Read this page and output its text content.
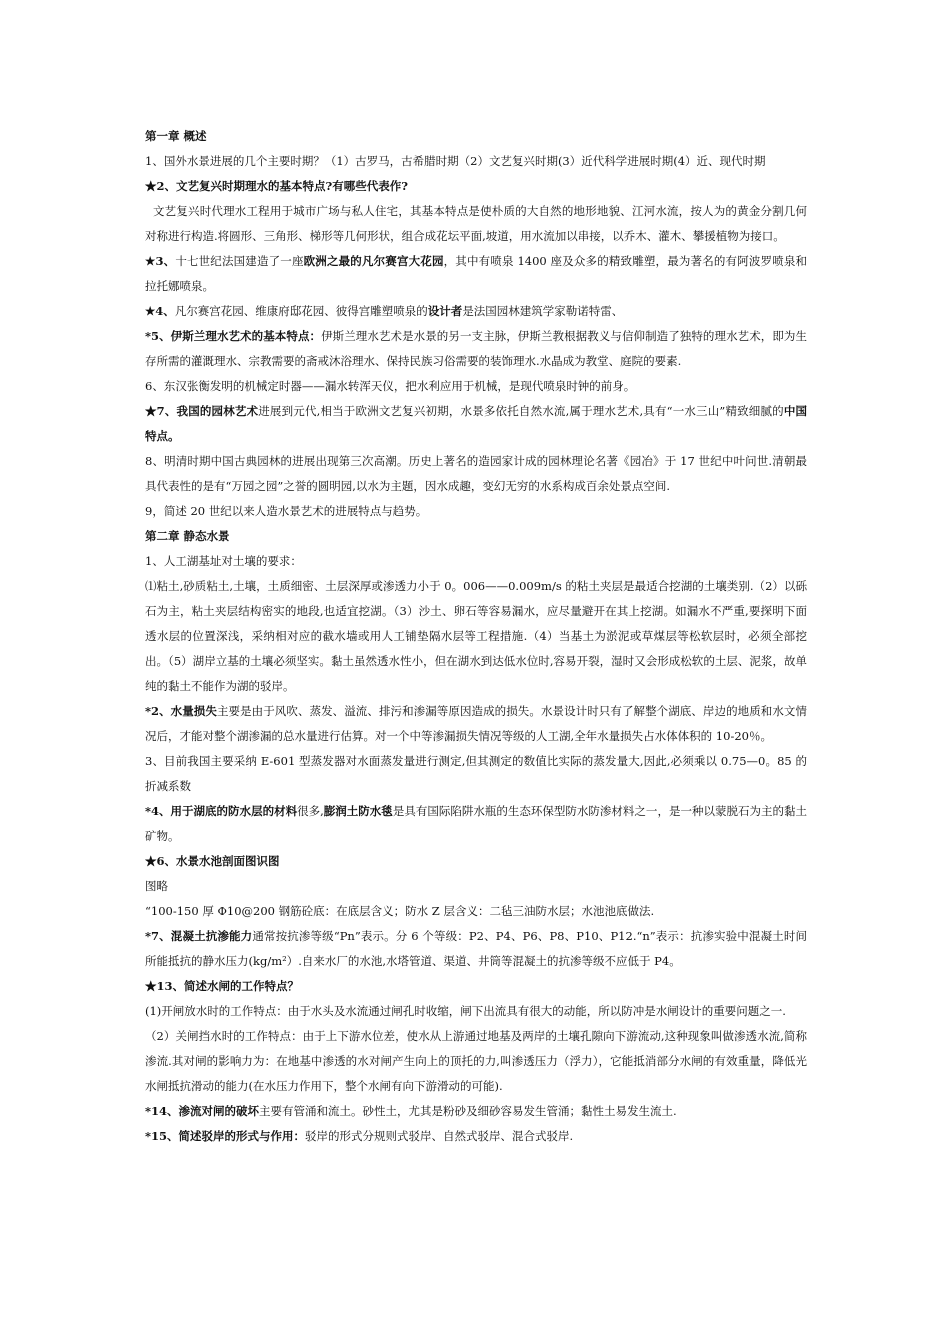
第一章 概述

1、国外水景进展的几个主要时期？（1）古罗马，古希腊时期（2）文艺复兴时期(3）近代科学进展时期(4）近、现代时期

★2、文艺复兴时期理水的基本特点?有哪些代表作?

文艺复兴时代理水工程用于城市广场与私人住宅，其基本特点是使朴质的大自然的地形地貌、江河水流，按人为的黄金分割几何对称进行构造.将圆形、三角形、梯形等几何形状，组合成花坛平面,坡道，用水流加以串接，以乔木、灌木、攀援植物为接口。

★3、十七世纪法国建造了一座欧洲之最的凡尔赛宫大花园，其中有喷泉 1400 座及众多的精致雕塑，最为著名的有阿波罗喷泉和拉托娜喷泉。

★4、凡尔赛宫花园、维康府邸花园、彼得宫雕塑喷泉的设计者是法国园林建筑学家勒诺特雷、

*5、伊斯兰理水艺术的基本特点：伊斯兰理水艺术是水景的另一支主脉，伊斯兰教根据教义与信仰制造了独特的理水艺术，即为生存所需的灌溉理水、宗教需要的斋戒沐浴理水、保持民族习俗需要的装饰理水.水晶成为教堂、庭院的要素.

6、东汉张衡发明的机械定时器——漏水转浑天仪，把水利应用于机械，是现代喷泉时钟的前身。

★7、我国的园林艺术进展到元代,相当于欧洲文艺复兴初期，水景多依托自然水流,属于理水艺术,具有“一水三山”精致细腻的中国特点。

8、明清时期中国古典园林的进展出现第三次高潮。历史上著名的造园家计成的园林理论名著《园冶》于 17 世纪中叶问世.清朝最具代表性的是有“万园之园”之誉的圆明园,以水为主题，因水成趣，变幻无穷的水系构成百余处景点空间.

9，简述 20 世纪以来人造水景艺术的进展特点与趋势。

第二章 静态水景

1、人工湖基址对土壤的要求：

⑴粘土,砂质粘土,土壤，土质细密、土层深厚或渗透力小于 0。006——0.009m/s 的粘土夹层是最适合挖湖的土壤类别.（2）以砾石为主，粘土夹层结构密实的地段,也适宜挖湖。（3）沙土、卵石等容易漏水，应尽量避开在其上挖湖。如漏水不严重,要探明下面透水层的位置深浅，采纳相对应的截水墙或用人工铺垫隔水层等工程措施.（4）当基土为淤泥或草煤层等松软层时，必须全部挖出。（5）湖岸立基的土壤必须坚实。黏土虽然透水性小，但在湖水到达低水位时,容易开裂，湿时又会形成松软的土层、泥浆，故单纯的黏土不能作为湖的驳岸。

*2、水量损失主要是由于风吹、蒸发、溢流、排污和渗漏等原因造成的损失。水景设计时只有了解整个湖底、岸边的地质和水文情况后，才能对整个湖渗漏的总水量进行估算。对一个中等渗漏损失情况等级的人工湖,全年水量损失占水体体积的 10-20％。

3、目前我国主要采纳 E-601 型蒸发器对水面蒸发量进行测定,但其测定的数值比实际的蒸发量大,因此,必须乘以 0.75—0。85 的折减系数

*4、用于湖底的防水层的材料很多,膨润土防水毯是具有国际陷阱水瓶的生态环保型防水防渗材料之一，是一种以蒙脱石为主的黏土矿物。

★6、水景水池剖面图识图

图略

“100-150 厚 Φ10@200 钢筋砼底：在底层含义；防水 Z 层含义：二毡三油防水层；水池池底做法.

*7、混凝土抗渗能力通常按抗渗等级“Pn”表示。分 6 个等级：P2、P4、P6、P8、P10、P12.“n”表示：抗渗实验中混凝土时间所能抵抗的静水压力(kg/m²）.自来水厂的水池,水塔管道、渠道、井筒等混凝土的抗渗等级不应低于 P4。

★13、简述水闸的工作特点？

(1)开闸放水时的工作特点：由于水头及水流通过闸孔时收缩，闸下出流具有很大的动能，所以防冲是水闸设计的重要问题之一.

（2）关闸挡水时的工作特点：由于上下游水位差，使水从上游通过地基及两岸的土壤孔隙向下游流动,这种现象叫做渗透水流,简称渗流.其对闸的影响力为：在地基中渗透的水对闸产生向上的顶托的力,叫渗透压力（浮力），它能抵消部分水闸的有效重量，降低光水闸抵抗滑动的能力(在水压力作用下，整个水闸有向下游滑动的可能).

*14、渗流对闸的破坏主要有管涌和流土。砂性土，尤其是粉砂及细砂容易发生管涌；黏性土易发生流土.

*15、简述驳岸的形式与作用：驳岸的形式分规则式驳岸、自然式驳岸、混合式驳岸.
